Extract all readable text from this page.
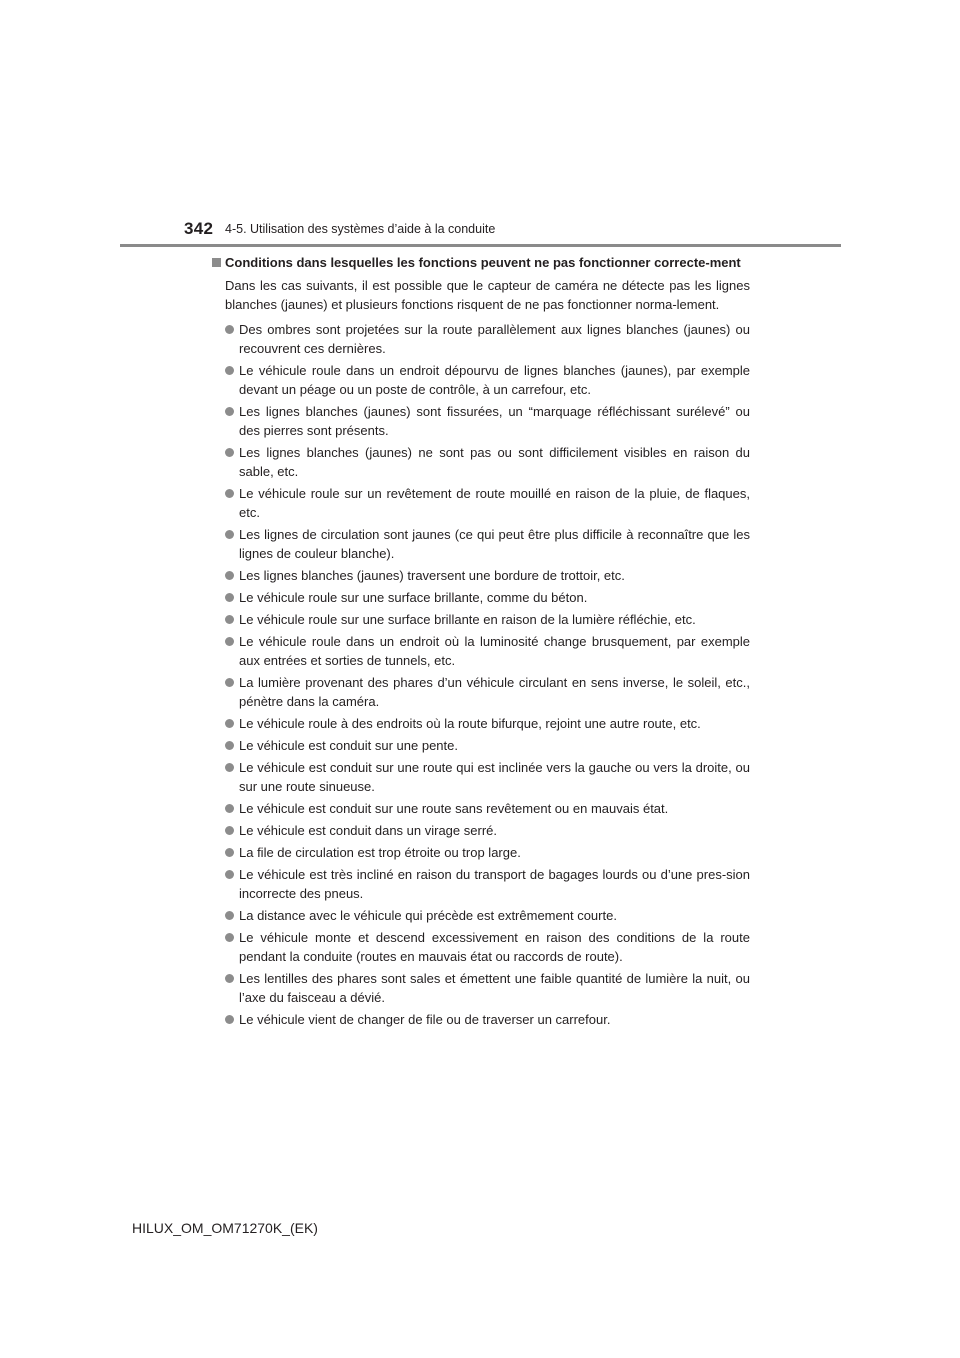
342 4-5. Utilisation des systèmes d’aide à la conduite
Conditions dans lesquelles les fonctions peuvent ne pas fonctionner correcte-ment
Dans les cas suivants, il est possible que le capteur de caméra ne détecte pas les lignes blanches (jaunes) et plusieurs fonctions risquent de ne pas fonctionner norma-lement.
Des ombres sont projetées sur la route parallèlement aux lignes blanches (jaunes) ou recouvrent ces dernières.
Le véhicule roule dans un endroit dépourvu de lignes blanches (jaunes), par exemple devant un péage ou un poste de contrôle, à un carrefour, etc.
Les lignes blanches (jaunes) sont fissurées, un “marquage réfléchissant surélevé” ou des pierres sont présents.
Les lignes blanches (jaunes) ne sont pas ou sont difficilement visibles en raison du sable, etc.
Le véhicule roule sur un revêtement de route mouillé en raison de la pluie, de flaques, etc.
Les lignes de circulation sont jaunes (ce qui peut être plus difficile à reconnaître que les lignes de couleur blanche).
Les lignes blanches (jaunes) traversent une bordure de trottoir, etc.
Le véhicule roule sur une surface brillante, comme du béton.
Le véhicule roule sur une surface brillante en raison de la lumière réfléchie, etc.
Le véhicule roule dans un endroit où la luminosité change brusquement, par exemple aux entrées et sorties de tunnels, etc.
La lumière provenant des phares d’un véhicule circulant en sens inverse, le soleil, etc., pénètre dans la caméra.
Le véhicule roule à des endroits où la route bifurque, rejoint une autre route, etc.
Le véhicule est conduit sur une pente.
Le véhicule est conduit sur une route qui est inclinée vers la gauche ou vers la droite, ou sur une route sinueuse.
Le véhicule est conduit sur une route sans revêtement ou en mauvais état.
Le véhicule est conduit dans un virage serré.
La file de circulation est trop étroite ou trop large.
Le véhicule est très incliné en raison du transport de bagages lourds ou d’une pres-sion incorrecte des pneus.
La distance avec le véhicule qui précède est extrêmement courte.
Le véhicule monte et descend excessivement en raison des conditions de la route pendant la conduite (routes en mauvais état ou raccords de route).
Les lentilles des phares sont sales et émettent une faible quantité de lumière la nuit, ou l’axe du faisceau a dévié.
Le véhicule vient de changer de file ou de traverser un carrefour.
HILUX_OM_OM71270K_(EK)
